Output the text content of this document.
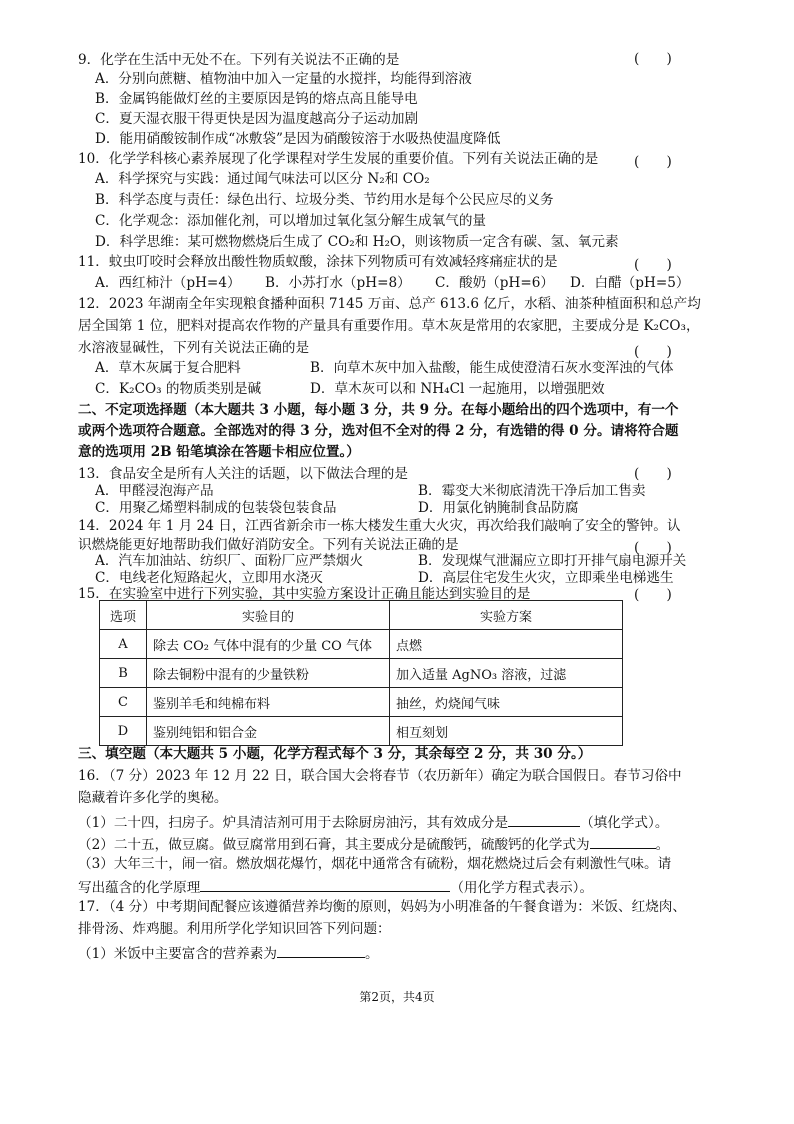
9．化学在生活中无处不在。下列有关说法不正确的是	(　　)
A．分别向蔗糖、植物油中加入一定量的水搅拌，均能得到溶液
B．金属钨能做灯丝的主要原因是钨的熔点高且能导电
C．夏天湿衣服干得更快是因为温度越高分子运动加剧
D．能用硝酸铵制作成“冰敷袋”是因为硝酸铵溶于水吸热使温度降低
10．化学学科核心素养展现了化学课程对学生发展的重要价值。下列有关说法正确的是	(　　)
A．科学探究与实践：通过闻气味法可以区分 N₂和 CO₂
B．科学态度与责任：绿色出行、垃圾分类、节约用水是每个公民应尽的义务
C．化学观念：添加催化剂，可以增加过氧化氢分解生成氧气的量
D．科学思维：某可燃物燃烧后生成了 CO₂和 H₂O，则该物质一定含有碳、氢、氧元素
11．蚊虫叮咬时会释放出酸性物质蚁酸，涂抹下列物质可有效减轻疼痛症状的是	(　　)
A．西红柿汁（pH=4） B．小苏打水（pH=8） C．酸奶（pH=6） D．白醋（pH=5）
12．2023 年湖南全年实现粮食播种面积 7145 万亩、总产 613.6 亿斤，水稻、油茶种植面积和总产均
居全国第 1 位，肥料对提高农作物的产量具有重要作用。草木灰是常用的农家肥，主要成分是 K₂CO₃，
水溶液显碱性，下列有关说法正确的是	(　　)
A．草木灰属于复合肥料	B．向草木灰中加入盐酸，能生成使澄清石灰水变浑浊的气体
C．K₂CO₃ 的物质类别是碱	D．草木灰可以和 NH₄Cl 一起施用，以增强肥效
二、不定项选择题（本大题共 3 小题，每小题 3 分，共 9 分。在每小题给出的四个选项中，有一个
或两个选项符合题意。全部选对的得 3 分，选对但不全对的得 2 分，有选错的得 0 分。请将符合题
意的选项用 2B 铅笔填涂在答题卡相应位置。）
13．食品安全是所有人关注的话题，以下做法合理的是	(　　)
A．甲醛浸泡海产品	B．霉变大米彻底清洗干净后加工售卖
C．用聚乙烯塑料制成的包装袋包装食品	D．用氯化钠腌制食品防腐
14．2024 年 1 月 24 日，江西省新余市一栋大楼发生重大火灾，再次给我们敲响了安全的警钟。认
识燃烧能更好地帮助我们做好消防安全。下列有关说法正确的是	(　　)
A．汽车加油站、纺织厂、面粉厂应严禁烟火	B．发现煤气泄漏应立即打开排气扇电源开关
C．电线老化短路起火，立即用水浇灭	D．高层住宅发生火灾，立即乘坐电梯逃生
15．在实验室中进行下列实验，其中实验方案设计正确且能达到实验目的是	(　　)
选项	实验目的	实验方案
A	除去 CO₂ 气体中混有的少量 CO 气体	点燃
B	除去铜粉中混有的少量铁粉	加入适量 AgNO₃ 溶液，过滤
C	鉴别羊毛和纯棉布料	抽丝，灼烧闻气味
D	鉴别纯铝和铝合金	相互刻划
三、填空题（本大题共 5 小题，化学方程式每个 3 分，其余每空 2 分，共 30 分。）
16．（7 分）2023 年 12 月 22 日，联合国大会将春节（农历新年）确定为联合国假日。春节习俗中
隐藏着许多化学的奥秘。
（1）二十四，扫房子。炉具清洁剂可用于去除厨房油污，其有效成分是	（填化学式）。
（2）二十五，做豆腐。做豆腐常用到石膏，其主要成分是硫酸钙，硫酸钙的化学式为	。
（3）大年三十，闹一宿。燃放烟花爆竹，烟花中通常含有硫粉，烟花燃烧过后会有刺激性气味。请
写出蕴含的化学原理	（用化学方程式表示）。
17．（4 分）中考期间配餐应该遵循营养均衡的原则，妈妈为小明准备的午餐食谱为：米饭、红烧肉、
排骨汤、炸鸡腿。利用所学化学知识回答下列问题：
（1）米饭中主要富含的营养素为	。
第2页，共4页
